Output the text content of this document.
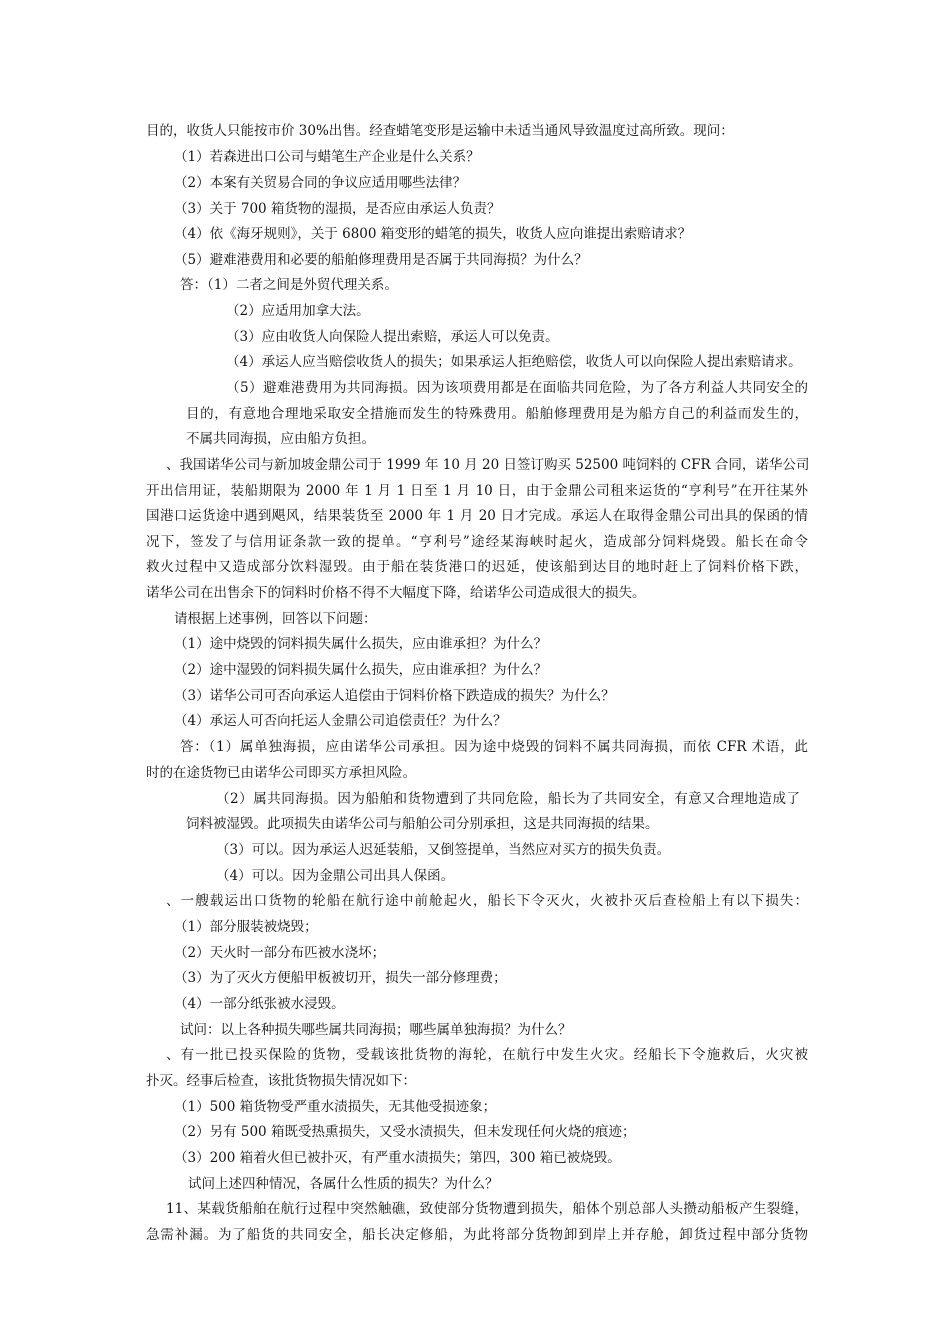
目的，收货人只能按市价 30%出售。经查蜡笔变形是运输中未适当通风导致温度过高所致。现问：
（1）若森进出口公司与蜡笔生产企业是什么关系？
（2）本案有关贸易合同的争议应适用哪些法律？
（3）关于 700 箱货物的湿损，是否应由承运人负责？
（4）依《海牙规则》，关于 6800 箱变形的蜡笔的损失，收货人应向谁提出索赔请求？
（5）避难港费用和必要的船舶修理费用是否属于共同海损？为什么？
答：（1）二者之间是外贸代理关系。
（2）应适用加拿大法。
（3）应由收货人向保险人提出索赔，承运人可以免责。
（4）承运人应当赔偿收货人的损失；如果承运人拒绝赔偿，收货人可以向保险人提出索赔请求。
（5）避难港费用为共同海损。因为该项费用都是在面临共同危险，为了各方利益人共同安全的
目的，有意地合理地采取安全措施而发生的特殊费用。船舶修理费用是为船方自己的利益而发生的，
不属共同海损，应由船方负担。
、我国诺华公司与新加坡金鼎公司于 1999 年 10 月 20 日签订购买 52500 吨饲料的 CFR 合同，诺华公司
开出信用证，装船期限为 2000 年 1 月 1 日至 1 月 10 日，由于金鼎公司租来运货的“亨利号”在开往某外
国港口运货途中遇到飓风，结果装货至 2000 年 1 月 20 日才完成。承运人在取得金鼎公司出具的保函的情
况下，签发了与信用证条款一致的提单。“亨利号”途经某海峡时起火，造成部分饲料烧毁。船长在命令
救火过程中又造成部分饮料湿毁。由于船在装货港口的迟延，使该船到达目的地时赶上了饲料价格下跌，
诺华公司在出售余下的饲料时价格不得不大幅度下降，给诺华公司造成很大的损失。
请根据上述事例，回答以下问题：
（1）途中烧毁的饲料损失属什么损失，应由谁承担？为什么？
（2）途中湿毁的饲料损失属什么损失，应由谁承担？为什么？
（3）诺华公司可否向承运人追偿由于饲料价格下跌造成的损失？为什么？
（4）承运人可否向托运人金鼎公司追偿责任？为什么？
答：（1）属单独海损，应由诺华公司承担。因为途中烧毁的饲料不属共同海损，而依 CFR 术语，此
时的在途货物已由诺华公司即买方承担风险。
（2）属共同海损。因为船舶和货物遭到了共同危险，船长为了共同安全，有意又合理地造成了
饲料被湿毁。此项损失由诺华公司与船舶公司分别承担，这是共同海损的结果。
（3）可以。因为承运人迟延装船，又倒签提单，当然应对买方的损失负责。
（4）可以。因为金鼎公司出具人保函。
、一艘载运出口货物的轮船在航行途中前舱起火，船长下令灭火，火被扑灭后查检船上有以下损失：
（1）部分服装被烧毁；
（2）天火时一部分布匹被水浇坏；
（3）为了灭火方便船甲板被切开，损失一部分修理费；
（4）一部分纸张被水浸毁。
试问：以上各种损失哪些属共同海损；哪些属单独海损？为什么？
、有一批已投买保险的货物，受载该批货物的海轮，在航行中发生火灾。经船长下令施救后，火灾被
扑灭。经事后检查，该批货物损失情况如下：
（1）500 箱货物受严重水渍损失，无其他受损迹象；
（2）另有 500 箱既受热熏损失，又受水渍损失，但未发现任何火烧的痕迹；
（3）200 箱着火但已被扑灭，有严重水渍损失；第四，300 箱已被烧毁。
试问上述四种情况，各属什么性质的损失？为什么？
11、某载货船舶在航行过程中突然触礁，致使部分货物遭到损失，船体个别总部人头攒动船板产生裂缝，
急需补漏。为了船货的共同安全，船长决定修船，为此将部分货物卸到岸上并存舱，卸货过程中部分货物
